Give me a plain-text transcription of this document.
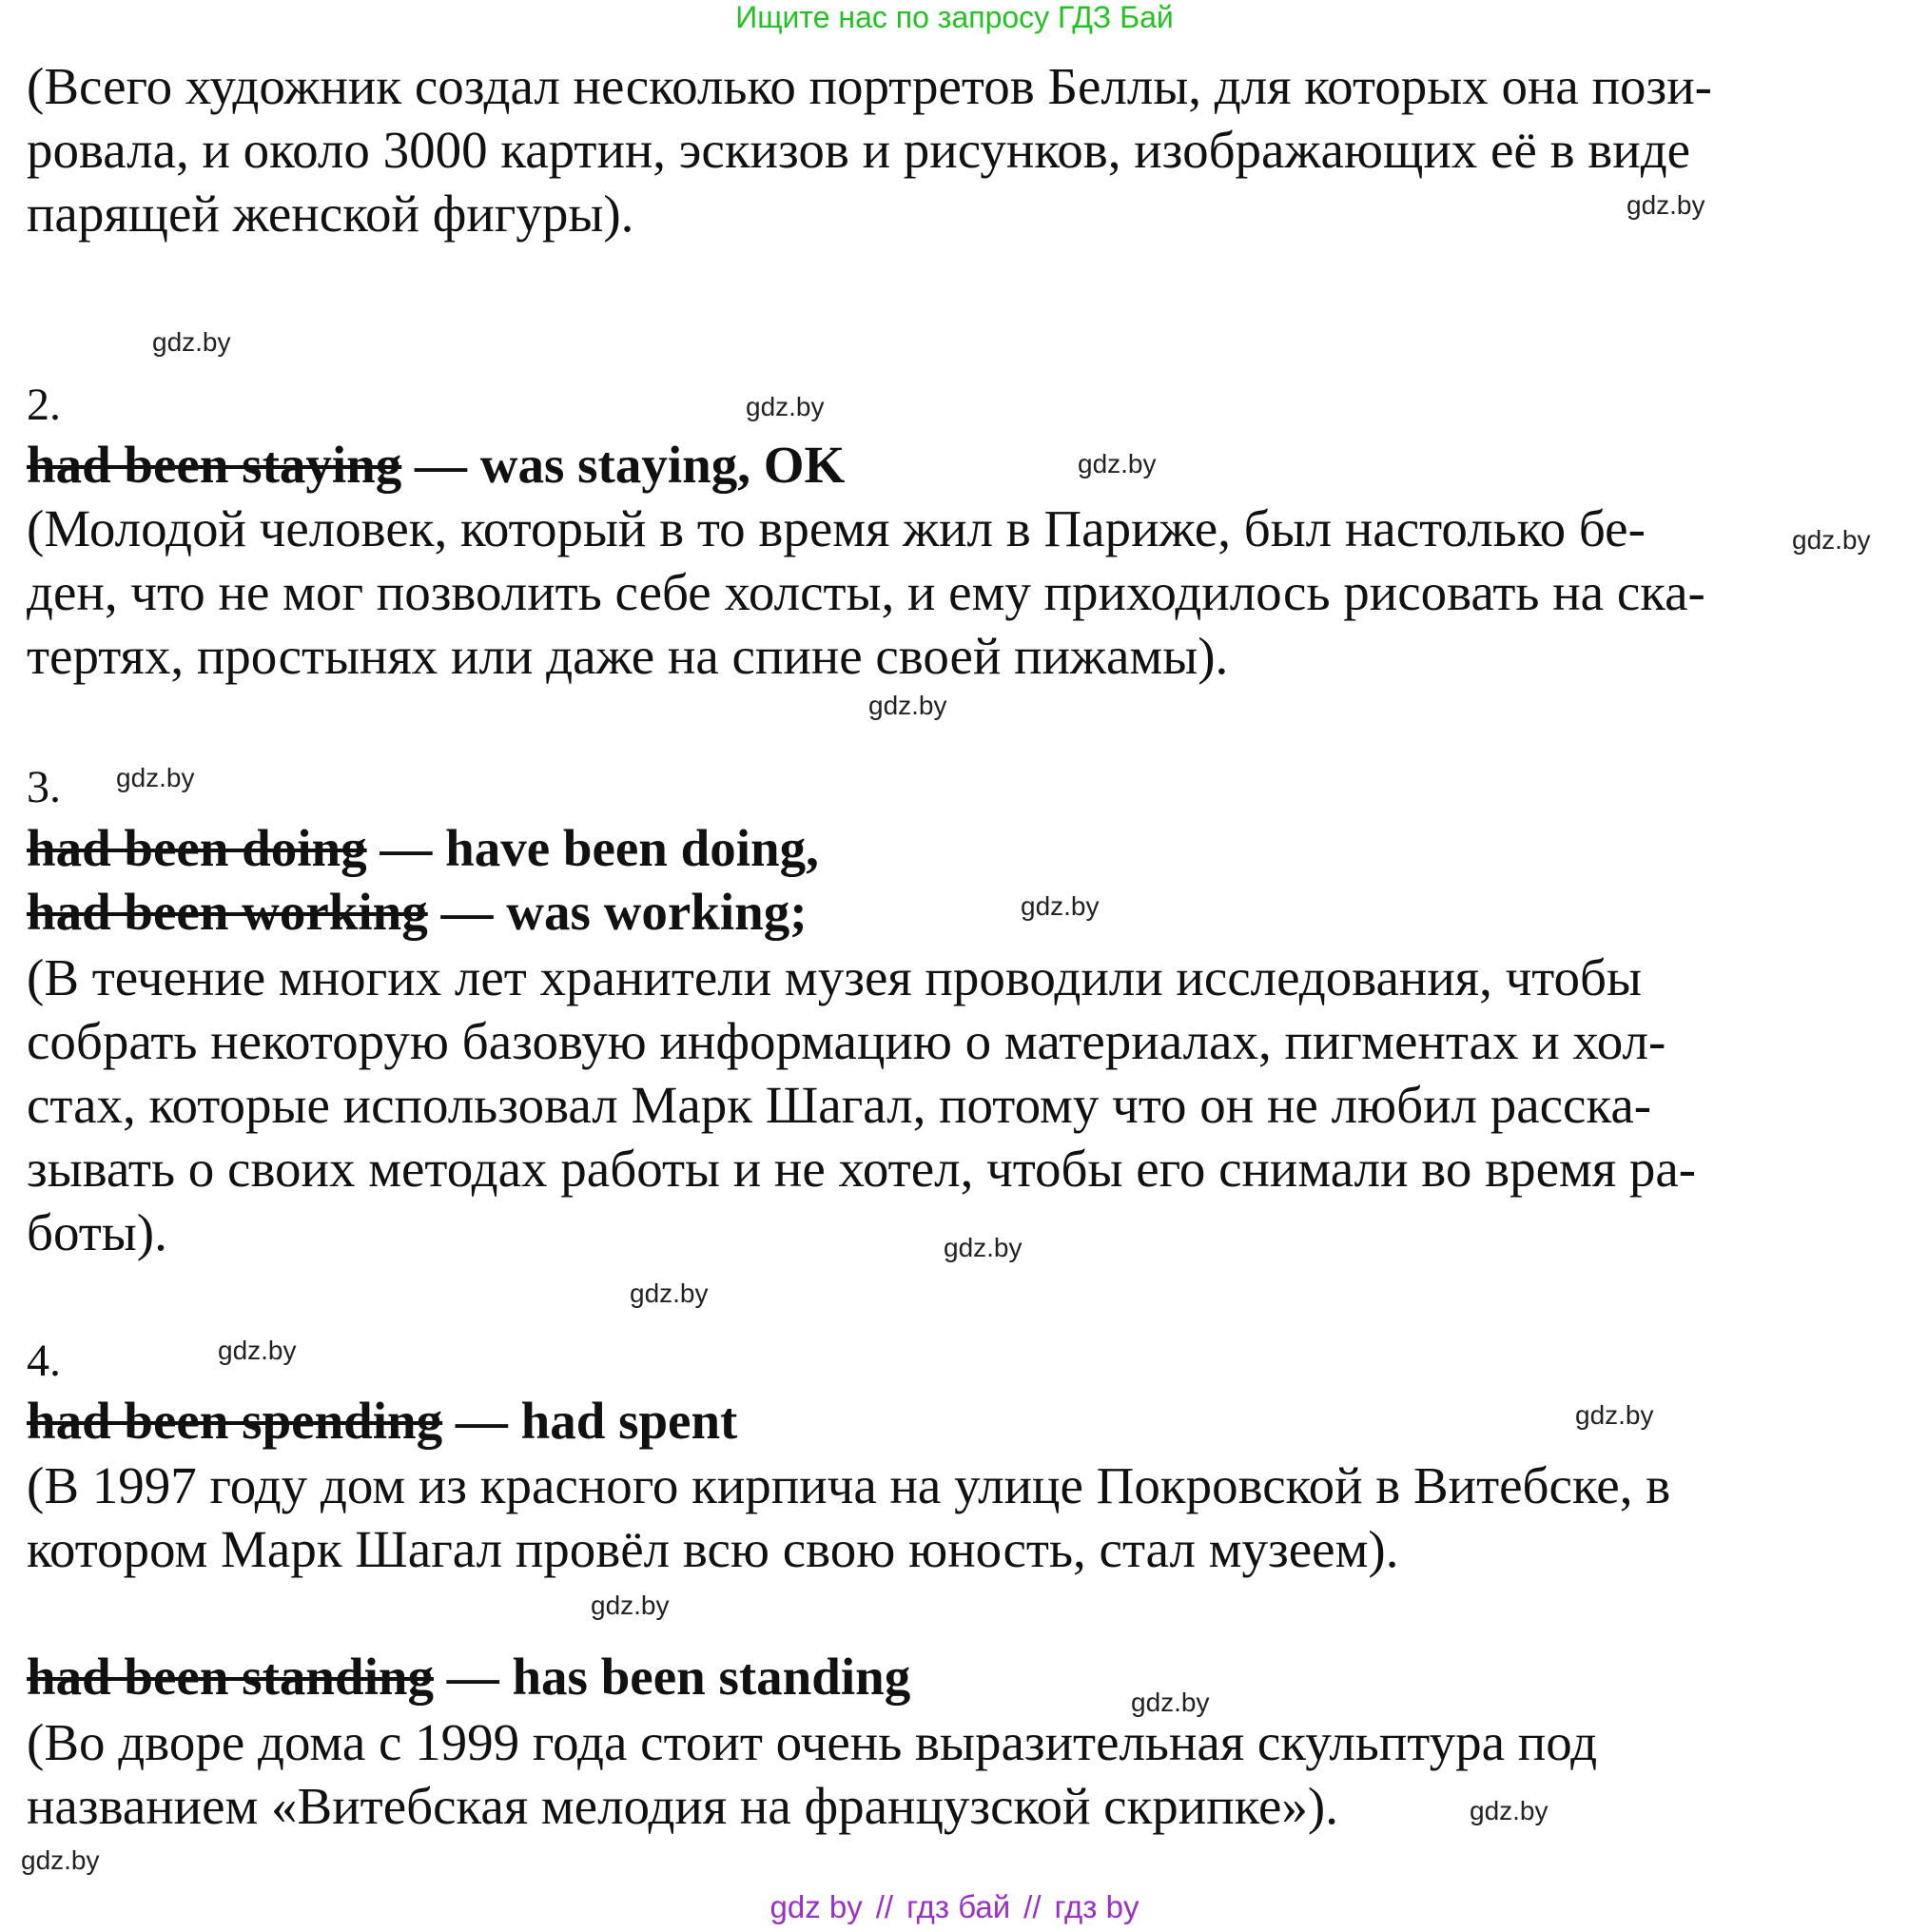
Ищите нас по запросу ГДЗ Бай
(Всего художник создал несколько портретов Беллы, для которых она пози-
ровала, и около 3000 картин, эскизов и рисунков, изображающих её в виде
парящей женской фигуры).
2.
had been staying — was staying, OK
(Молодой человек, который в то время жил в Париже, был настолько бе-
ден, что не мог позволить себе холсты, и ему приходилось рисовать на ска-
тертях, простынях или даже на спине своей пижамы).
3.
had been doing — have been doing,
had been working — was working;
(В течение многих лет хранители музея проводили исследования, чтобы
собрать некоторую базовую информацию о материалах, пигментах и хол-
стах, которые использовал Марк Шагал, потому что он не любил расска-
зывать о своих методах работы и не хотел, чтобы его снимали во время ра-
боты).
4.
had been spending — had spent
(В 1997 году дом из красного кирпича на улице Покровской в Витебске, в
котором Марк Шагал провёл всю свою юность, стал музеем).
had been standing — has been standing
(Во дворе дома с 1999 года стоит очень выразительная скульптура под
названием «Витебская мелодия на французской скрипке»).
gdz.by
gdz.by
gdz.by
gdz.by
gdz.by
gdz.by
gdz.by
gdz.by
gdz.by
gdz.by
gdz.by
gdz.by
gdz.by
gdz.by
gdz.by
gdz.by
gdz by // гдз бай // гдз by
